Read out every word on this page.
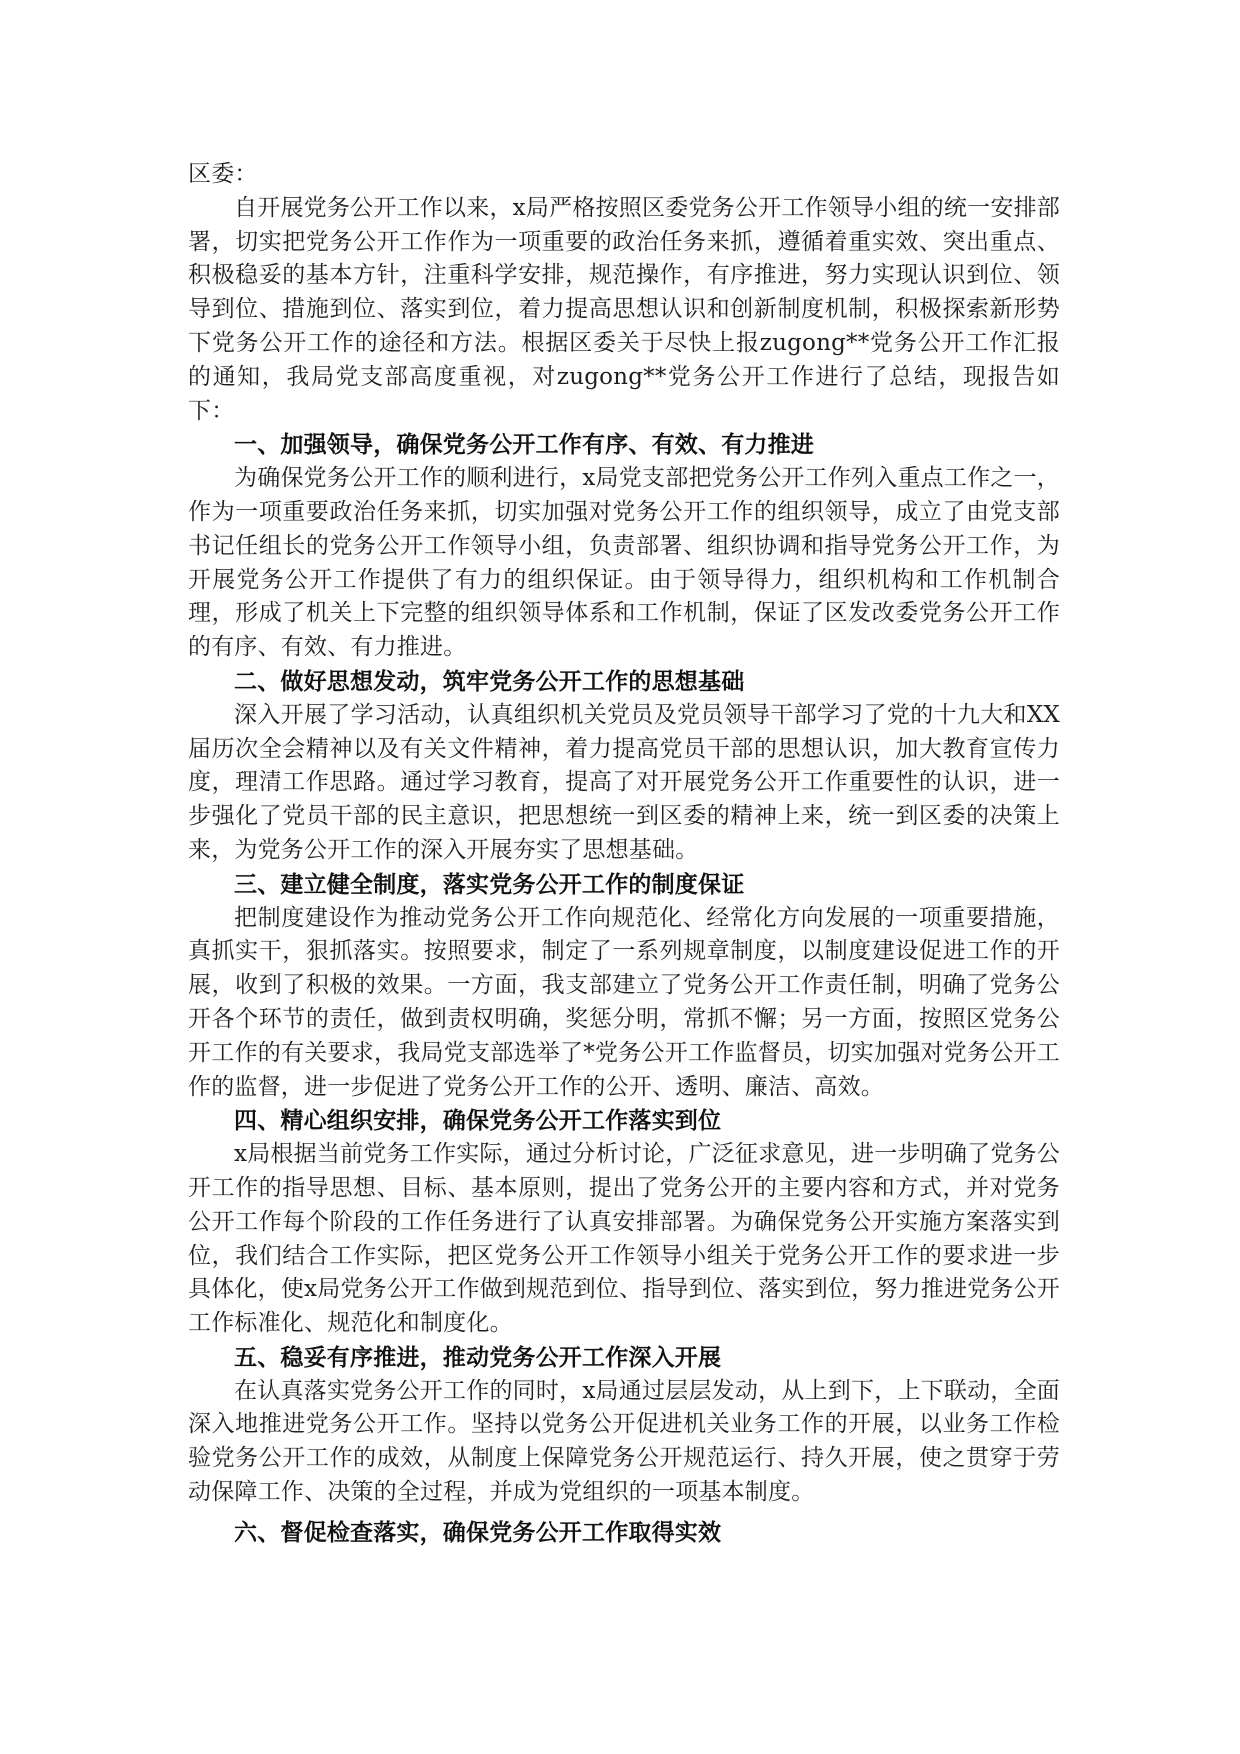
区委：

自开展党务公开工作以来，x局严格按照区委党务公开工作领导小组的统一安排部署，切实把党务公开工作作为一项重要的政治任务来抓，遵循着重实效、突出重点、积极稳妥的基本方针，注重科学安排，规范操作，有序推进，努力实现认识到位、领导到位、措施到位、落实到位，着力提高思想认识和创新制度机制，积极探索新形势下党务公开工作的途径和方法。根据区委关于尽快上报zugong**党务公开工作汇报的通知，我局党支部高度重视，对zugong**党务公开工作进行了总结，现报告如下：

一、加强领导，确保党务公开工作有序、有效、有力推进

为确保党务公开工作的顺利进行，x局党支部把党务公开工作列入重点工作之一，作为一项重要政治任务来抓，切实加强对党务公开工作的组织领导，成立了由党支部书记任组长的党务公开工作领导小组，负责部署、组织协调和指导党务公开工作，为开展党务公开工作提供了有力的组织保证。由于领导得力，组织机构和工作机制合理，形成了机关上下完整的组织领导体系和工作机制，保证了区发改委党务公开工作的有序、有效、有力推进。

二、做好思想发动，筑牢党务公开工作的思想基础

深入开展了学习活动，认真组织机关党员及党员领导干部学习了党的十九大和XX届历次全会精神以及有关文件精神，着力提高党员干部的思想认识，加大教育宣传力度，理清工作思路。通过学习教育，提高了对开展党务公开工作重要性的认识，进一步强化了党员干部的民主意识，把思想统一到区委的精神上来，统一到区委的决策上来，为党务公开工作的深入开展夯实了思想基础。

三、建立健全制度，落实党务公开工作的制度保证

把制度建设作为推动党务公开工作向规范化、经常化方向发展的一项重要措施，真抓实干，狠抓落实。按照要求，制定了一系列规章制度，以制度建设促进工作的开展，收到了积极的效果。一方面，我支部建立了党务公开工作责任制，明确了党务公开各个环节的责任，做到责权明确，奖惩分明，常抓不懈；另一方面，按照区党务公开工作的有关要求，我局党支部选举了*党务公开工作监督员，切实加强对党务公开工作的监督，进一步促进了党务公开工作的公开、透明、廉洁、高效。

四、精心组织安排，确保党务公开工作落实到位

x局根据当前党务工作实际，通过分析讨论，广泛征求意见，进一步明确了党务公开工作的指导思想、目标、基本原则，提出了党务公开的主要内容和方式，并对党务公开工作每个阶段的工作任务进行了认真安排部署。为确保党务公开实施方案落实到位，我们结合工作实际，把区党务公开工作领导小组关于党务公开工作的要求进一步具体化，使x局党务公开工作做到规范到位、指导到位、落实到位，努力推进党务公开工作标准化、规范化和制度化。

五、稳妥有序推进，推动党务公开工作深入开展

在认真落实党务公开工作的同时，x局通过层层发动，从上到下，上下联动，全面深入地推进党务公开工作。坚持以党务公开促进机关业务工作的开展，以业务工作检验党务公开工作的成效，从制度上保障党务公开规范运行、持久开展，使之贯穿于劳动保障工作、决策的全过程，并成为党组织的一项基本制度。

六、督促检查落实，确保党务公开工作取得实效
